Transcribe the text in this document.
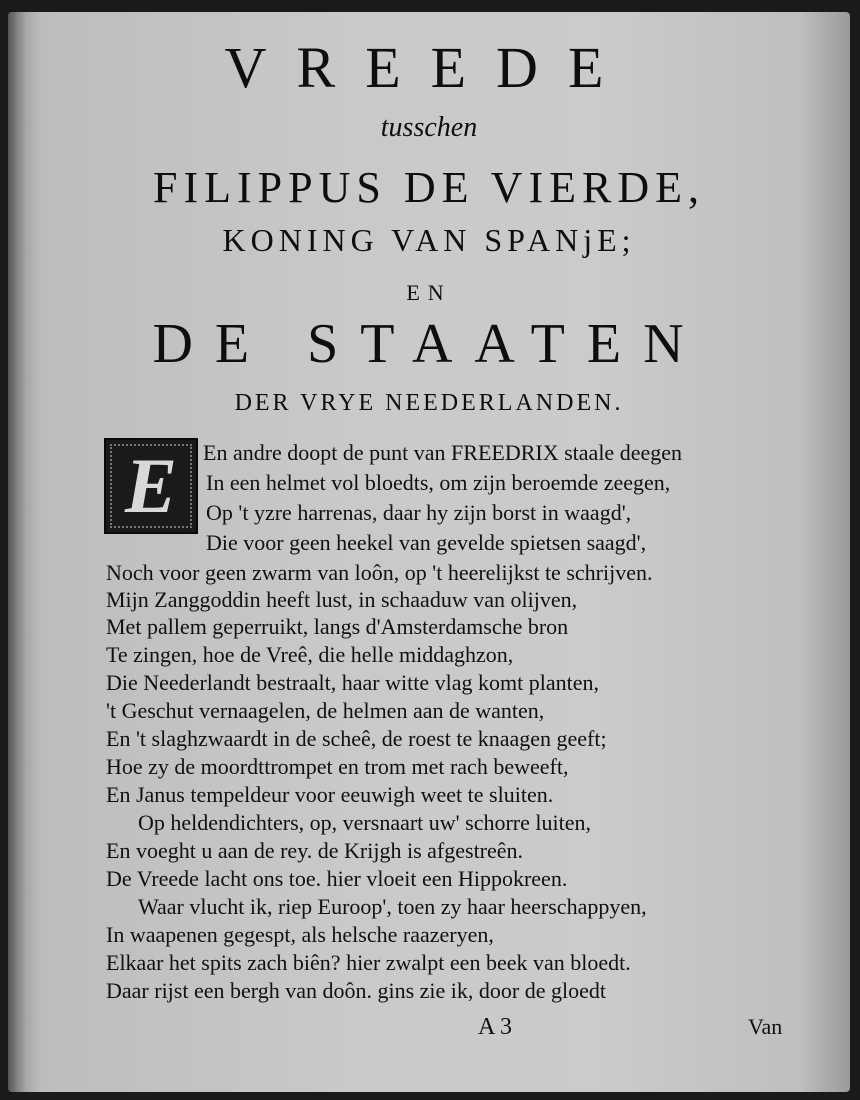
VREEDE
tusschen
FILIPPUS DE VIERDE,
KONING VAN SPANjE;
EN
DE STAATEN
DER VRYE NEEDERLANDEN.
E En andre doopt de punt van FREEDRIX staale deegen
In een helmet vol bloedts, om zijn beroemde zeegen,
Op 't yzre harrenas, daar hy zijn borst in waagd',
Die voor geen heekel van gevelde spietsen saagd',
Noch voor geen zwarm van loôn, op 't heerelijkst te schrijven.
Mijn Zanggoddin heeft lust, in schaaduw van olijven,
Met pallem geperruikt, langs d'Amsterdamsche bron
Te zingen, hoe de Vreê, die helle middaghzon,
Die Neederlandt bestraalt, haar witte vlag komt planten,
't Geschut vernaagelen, de helmen aan de wanten,
En 't slaghzwaardt in de scheê, de roest te knaagen geeft;
Hoe zy de moordttrompet en trom met rach beweeft,
En Janus tempeldeur voor eeuwigh weet te sluiten.
Op heldendichters, op, versnaart uw' schorre luiten,
En voeght u aan de rey. de Krijgh is afgestreên.
De Vreede lacht ons toe. hier vloeit een Hippokreen.
Waar vlucht ik, riep Euroop', toen zy haar heerschappyen,
In waapenen gegespt, als helsche raazeryen,
Elkaar het spits zach biên? hier zwalpt een beek van bloedt.
Daar rijst een bergh van doôn. gins zie ik, door de gloedt
A 3	Van
